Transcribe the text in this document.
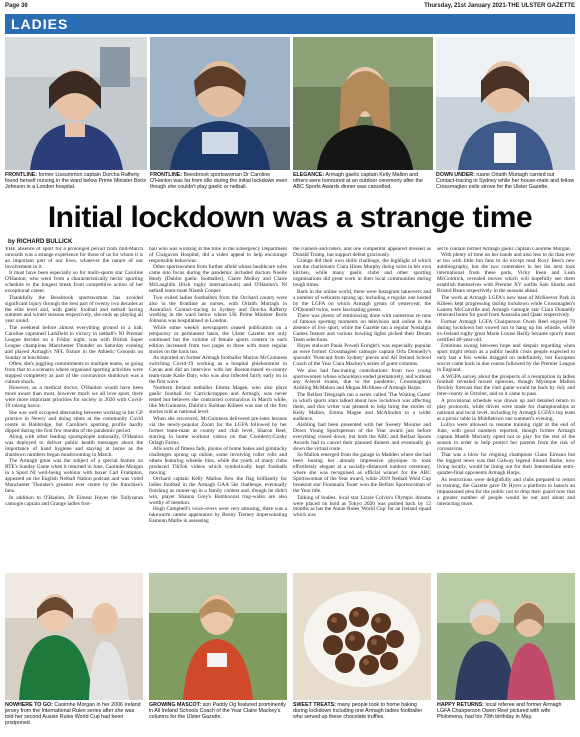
Page 36	Thursday, 21st January 2021-THE ULSTER GAZETTE
LADIES
FRONTLINE: former Lissummon captain Dorcha Rafferty found herself nursing in the ward below Prime Minister Boris Johnson in a London hospital.
FRONTLINE: Beesbrook sportswoman Dr Caroline O'Hanlon was far from idle during the initial lockdown even though she couldn't play gaelic or netball.
ELEGANCE: Armagh gaelic captain Kelly Mallon and others were honoured at an outdoor ceremony after the ABC Sports Awards dinner was cancelled.
DOWN UNDER: ruane Orlaith Murtagh carried out Contact-tracing in Sydney while her house-mate and fellow Crossmaglen exile strove for the Ulster Gazette.
Initial lockdown was a strange time
by RICHARD BULLICK

THE absence of sport for a prolonged period from mid-March onwards was a strange experience for those of us for whom it is an important part of our lives, whatever the nature of our involvement in it.

It must have been especially so for multi-sports star Caroline O'Hanlon, who went from a characteristically hectic sporting schedule to the longest break from competitive action of her exceptional career.

Thankfully the Bessbrook sportswoman has avoided significant injury through the best part of twenty two decades at the elite level and, with gaelic football and netball having summer and winter seasons respectively, she ends up playing all year round.

The weekend before almost everything ground to a halt, Caroline captained Larkfield to victory in netball's NI Premier League decider on a Friday night, was with British Super League champions Manchester Thunder on Saturday evening and played Armagh's NFL fixture in the Athletic Grounds on Sunday at lunchtime.

Often, she's juggling commitments to multiple teams, so going from that to a scenario where organised sporting activities were stopped completely as part of the coronavirus shutdown was a culture shock.

However, as a medical doctor, O'Hanlon would have been more aware than most, however much we all love sport, there were more important priorities for society in 2020 with Covid-19 raising havoc.

She was well occupied alternating between working in her GP practice in Newry and doing stints at the community Covid centre in Banbridge, but Caroline's sporting profile hardly dipped during the first few months of the pandemic period.

Along with other leading sportspeople nationally, O'Hanlon was deployed to deliver public health messages about the importance of hand hygiene and staying at home as the shutdown numbers began mushrooming in March.

The Armagh great was the subject of a special feature on RTE's Sunday Game when it returned in June, Caoimhe Morgan in a Sport NI well-being webinar with boxer Carl Frampton, appeared on the English Netball Nation podcast and was voted Manchester Thunder's greatest ever centre by the franchise's fans.

In addition to O'Hanlon, Dr Eimear Hayes the Tullysaran camogie captain and Grange ladies foot-

ball who was working at the time in the Emergency Department of Craigavon Hospital, did a video appeal to help encourage responsible behaviour.

Other sportswomen from further afield whose healthcare roles came into focus during the pandemic included doctors Noelle Healy (Dublin gaelic footballer), Claire Molloy and Claire McLaughlin (Irish rugby internationals) and O'Hanlon's NI netball team-mate Niamh Cooper.

Two exiled ladies footballers from the Orchard county were also in the frontline as nurses, with Orlaith Murtagh in Australia's Contact-tracing in Sydney and Dorcha Rafferty working in the ward below where UK Prime Minister Boris Johnson was hospitalised in London.

While some weekly newspapers ceased publication on a temporary or permanent basis, the Ulster Gazette not only continued but the volume of female sports content in each edition increased from two pages to three with more regular stories on the back too.

As reported on former Armagh footballer Marion McGuinness switching Covid-19 working as a hospital phlebotomist in Cavan and did an interview with her Boston-based ex-county team-mate Katie Daly, who was also infected fairly early on in the first wave.

Northern Ireland netballer Emma Magee, who also plays gaelic football for Carrickcruppen and Armagh, was never tested but believes she contracted coronavirus in March while, like McGuinness, Dublin's Siobhan Killeen was one of the first stories told at national level.

When she recovered, McGuinness delivered pre-lates lessons via the newly-popular Zoom for the LGFA followed by her former team-mate at county and club level, Sharon Reel, starring in home workout videos on that Coolderry/Cushy Orlagh Farms.

Alls sorts of fitness fads, photos of home bakes and gimmicky challenges sprung up online, some involving roller rolls and others featuring wheelie bins, while the youth of many clubs produced TikTok videos which symbolically kept footballs moving.

Orchard captain Kelly Mallon flew the flag brilliantly for ladies football in the Armagh GAA 5ks challenge, eventually finishing as runner-up in a family contest and, though he didn't win, player Shauna Grey's Bamboozal ring-walks are also worthy of mention.

Hugh Campbell's voice-overs were very amusing, there was a lukewarm cameo appearance by Benny Tierney impersonating Eamonn Mallie in assessing

the runners-and-riders, and one competitor appeared dressed as Donald Trump, but support defeat graciously.

Grange did their own skills challenge, the highlight of which was the charismatic Ciara Hines Murphy doing solos in her own kitchen, while many gaelic clubs and other sporting organisations did great work in their local communities during tough times.

Back in the online world, there were Instagram takeovers and a number of webcasts sprang up, including a regular one hosted by the LGFA on which Armagh greats of yesteryear, the O'Donnell twins, were fascinating guests.

There was plenty of reminiscing done with numerous re-runs of famous sporting moments on television and online in the absence of live sport, while the Gazette ran a regular Nostalgia Games feature and various bowling lights picked their Dream Team selections.

Hayes stalwart Paula Powell Enright's was especially popular as were former Crossmaglen camogie captain Orla Donnelly's sporadic 'Postcard from Sydney' pieces and All Ireland School Coach of the Year Ciara Mackey's series of guest columns.

We also had fascinating contributions from two young sportswomen whose schooldays ended prematurely, and without any A-level exams, due to the pandemic, Crossmaglen's Aishling McMahon and Megan McShane of Armagh Harps.

The Belfast Telegraph ran a series called 'The Waiting Game' in which sports stars talked about how lockdown was affecting them, and this writer was pleased to help bring the stories of Kelly Mallon, Emma Magee and McAlindon to a wider audience.

Aishling had been presented with her Sweety Mourne and Down Young Sportsperson of the Year award just before everything closed down, but both the ABC and Belfast Sports Awards had to cancel their planned dinners and eventually go down the virtual route.

So Mallon emerged from the garage in Madden where she had been honing her already impressive physique to look effortlessly elegant at a socially-distanced outdoor ceremony, where she was recognised as official winner for the ABC Sportswoman of the Year award, while 2019 Netball Wold Cup breakout star Fionnuala Toner won the Belfast Sportswoman of the Year title.

Talking of bodies, local star Lizzie Colvin's Olympic dreams were placed on hold as Tokyo 2020 was pushed back by 12 months as has the Annie Rules 'World Cup' for an Ireland squad which was

set to contain former Armagh gaelic captain Caoimhe Morgan.

With plenty of time on her hands and also less to do than ever at too with little fun fans to do except read Roxy Best's new autobiography, but the two contenders in her list next look international from these parts, Vicky Ireen and Leah McGoldrick, revealed moves which will hopefully see them establish themselves with Premier XV outfits Sale Sharks and Bristol Bears respectively in the seasons ahead.

The work at Armagh LGFA's new base of McKeever Park in Killeen kept progressing during lockdown while Crossmaglen's Lauren McConville and Armagh camogie star Ciara Donnelly returned home for good from Australia and Qatar respectively.

Former Armagh LGFA Chairperson Owen Reel enjoyed 70 during lockdown but vowed not to hang up his whistle, while ex-Ireland rugby great Marie Louise Reilly became sport's most certified 40-year-old.

Emotions swung between hope and despair regarding when sport might return as a public health crisis people expected to only last a few weeks dragged on indefinitely, but European soccer came back in due course followed by the Premier League in England.

A WGPA survey about the prospects of a resumption in ladies football revealed mixed opinions, though Mystique Mallon flexibly forecast that the club game would be back by July and inter-county in October, and so it came to pass.

A provisional schedule was drawn up and detailed return to play protocols, while drives were made for championships at national and local level, including by Armagh LGFA's top team at a picnic table in Middletown one summer's evening.

Lollys were allowed to resume training right at the end of June, with good numbers reported, though former Armagh captain Maebh Moriarty opted not to play for the rest of the season in order to help protect her parents from the risk of coronavirus.

That was a blow for reigning champions Clann Eireann but the biggest news was that Galway legend Sinead Burke, now living locally, would be lining out for their Intermediate semi-quarter-final opponents Armagh Harps.

As restrictions were delightfully and clubs prepared to return to training, the Gazette gave Dr Hyers a platform to launch an impassioned plea for the public not to drop their guard now that a greater number of people would be out and about and interacting more.

NOWHERE TO GO: Caoimhe Morgan in her 2006 Ireland jersey from the International Rules series after she was told her second Aussie Rules World Cup had been postponed.
GROWING MASCOT: son Paddy Og featured prominently in All Ireland Schools Coach of the Year Claire Mackey's columns for the Ulster Gazette.
SWEET TREATS: many people took to home baking during lockdown including one Armagh ladies footballer who served up these chocolate truffles.
HAPPY RETURNS: local referee and former Armagh LGFA Chairperson Owen Reel pictured with wife Philomena, had his 70th birthday in May.
